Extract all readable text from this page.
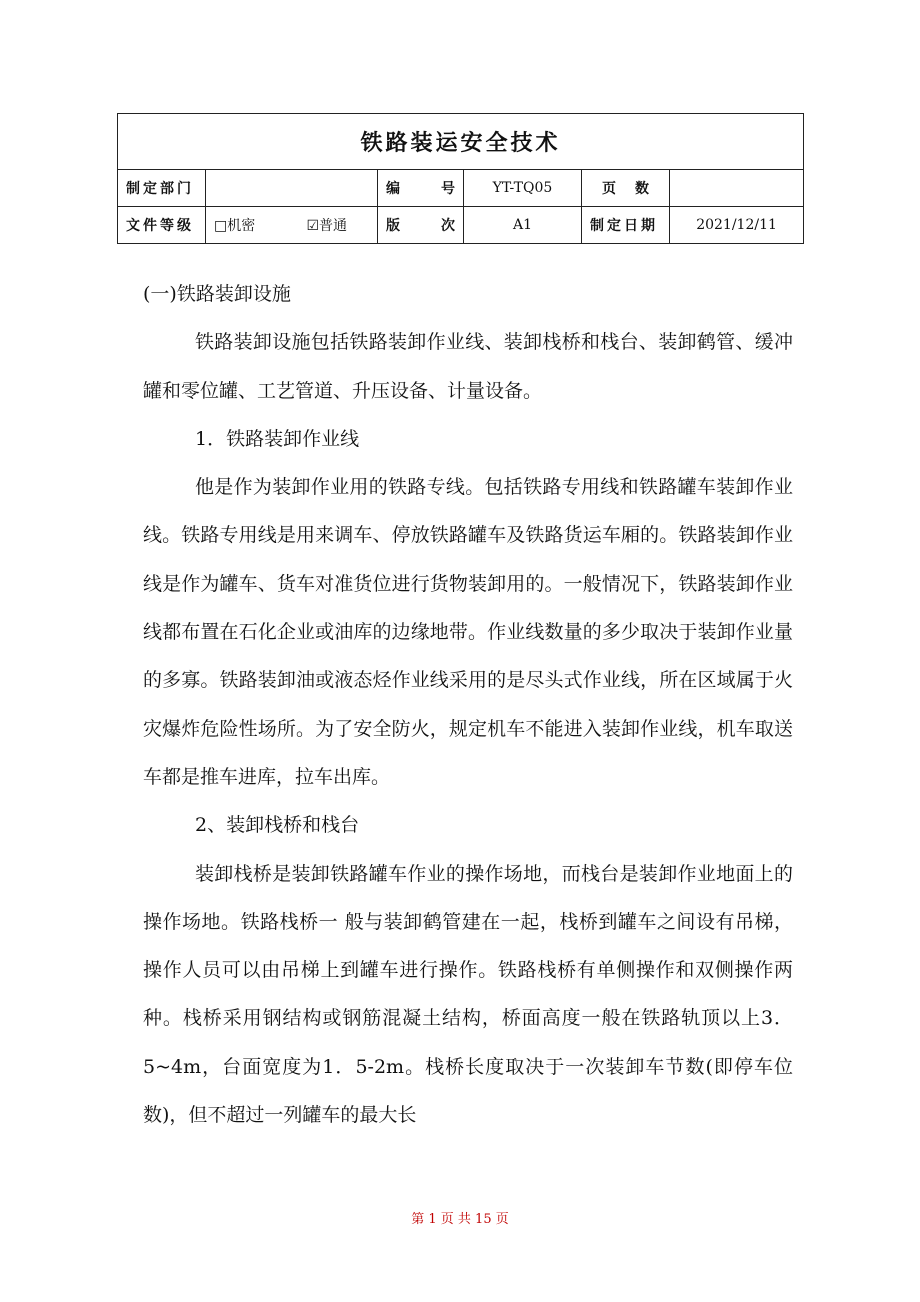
铁路装运安全技术					
制定部门		编 号	YT-TQ05	页 数	

文件等级	□机密 ☑普通	版 次	A1	制定日期	2021/12/11

(一)铁路装卸设施

铁路装卸设施包括铁路装卸作业线、装卸栈桥和栈台、装卸鹤管、缓冲罐和零位罐、工艺管道、升压设备、计量设备。

1．铁路装卸作业线

他是作为装卸作业用的铁路专线。包括铁路专用线和铁路罐车装卸作业线。铁路专用线是用来调车、停放铁路罐车及铁路货运车厢的。铁路装卸作业线是作为罐车、货车对准货位进行货物装卸用的。一般情况下，铁路装卸作业线都布置在石化企业或油库的边缘地带。作业线数量的多少取决于装卸作业量的多寡。铁路装卸油或液态烃作业线采用的是尽头式作业线，所在区域属于火灾爆炸危险性场所。为了安全防火，规定机车不能进入装卸作业线，机车取送车都是推车进库，拉车出库。

2、装卸栈桥和栈台

装卸栈桥是装卸铁路罐车作业的操作场地，而栈台是装卸作业地面上的操作场地。铁路栈桥一 般与装卸鹤管建在一起，栈桥到罐车之间设有吊梯，操作人员可以由吊梯上到罐车进行操作。铁路栈桥有单侧操作和双侧操作两种。栈桥采用钢结构或钢筋混凝土结构，桥面高度一般在铁路轨顶以上3．5~4m，台面宽度为1．5-2m。栈桥长度取决于一次装卸车节数(即停车位数)，但不超过一列罐车的最大长

第 1 页 共 15 页
